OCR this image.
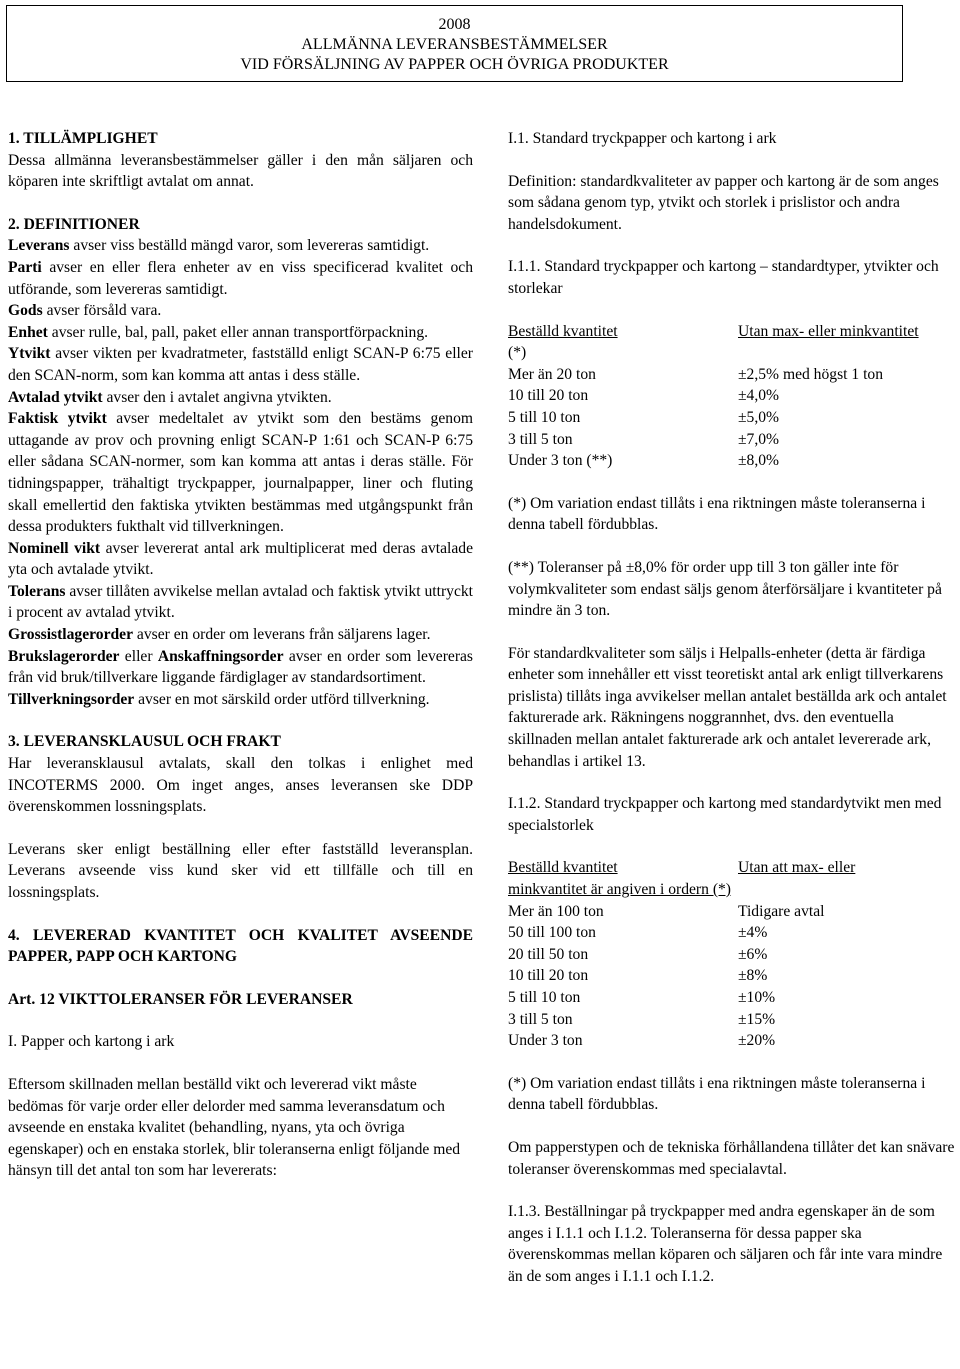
2008
ALLMÄNNA LEVERANSBESTÄMMELSER
VID FÖRSÄLJNING AV PAPPER OCH ÖVRIGA PRODUKTER

1. TILLÄMPLIGHET

Dessa allmänna leveransbestämmelser gäller i den mån säljaren och köparen inte skriftligt avtalat om annat.

2. DEFINITIONER

Leverans avser viss beställd mängd varor, som levereras samtidigt.

Parti avser en eller flera enheter av en viss specificerad kvalitet och utförande, som levereras samtidigt.

Gods avser försåld vara.

Enhet avser rulle, bal, pall, paket eller annan transportförpackning.

Ytvikt avser vikten per kvadratmeter, fastställd enligt SCAN-P 6:75 eller den SCAN-norm, som kan komma att antas i dess ställe.

Avtalad ytvikt avser den i avtalet angivna ytvikten.

Faktisk ytvikt avser medeltalet av ytvikt som den bestäms genom uttagande av prov och provning enligt SCAN-P 1:61 och SCAN-P 6:75 eller sådana SCAN-normer, som kan komma att antas i deras ställe. För tidningspapper, trähaltigt tryckpapper, journalpapper, liner och fluting skall emellertid den faktiska ytvikten bestämmas med utgångspunkt från dessa produkters fukthalt vid tillverkningen.

Nominell vikt avser levererat antal ark multiplicerat med deras avtalade yta och avtalade ytvikt.

Tolerans avser tillåten avvikelse mellan avtalad och faktisk ytvikt uttryckt i procent av avtalad ytvikt.

Grossistlagerorder avser en order om leverans från säljarens lager.

Brukslagerorder eller Anskaffningsorder avser en order som levereras från vid bruk/tillverkare liggande färdiglager av standardsortiment.

Tillverkningsorder avser en mot särskild order utförd tillverkning.

3. LEVERANSKLAUSUL OCH FRAKT

Har leveransklausul avtalats, skall den tolkas i enlighet med INCOTERMS 2000. Om inget anges, anses leveransen ske DDP överenskommen lossningsplats.

Leverans sker enligt beställning eller efter fastställd leveransplan. Leverans avseende viss kund sker vid ett tillfälle och till en lossningsplats.

4. LEVERERAD KVANTITET OCH KVALITET AVSEENDE PAPPER, PAPP OCH KARTONG

Art. 12 VIKTTOLERANSER FÖR LEVERANSER

I. Papper och kartong i ark

Eftersom skillnaden mellan beställd vikt och levererad vikt måste bedömas för varje order eller delorder med samma leveransdatum och avseende en enstaka kvalitet (behandling, nyans, yta och övriga egenskaper) och en enstaka storlek, blir toleranserna enligt följande med hänsyn till det antal ton som har levererats:

I.1. Standard tryckpapper och kartong i ark

Definition: standardkvaliteter av papper och kartong är de som anges som sådana genom typ, ytvikt och storlek i prislistor och andra handelsdokument.

I.1.1. Standard tryckpapper och kartong – standardtyper, ytvikter och storlekar

Beställd kvantitet
(*)	Utan max- eller minkvantitet
Mer än 20 ton	±2,5% med högst 1 ton
10 till 20 ton	±4,0%
5 till 10 ton	±5,0%
3 till 5 ton	±7,0%
Under 3 ton (**)	±8,0%

(*) Om variation endast tillåts i ena riktningen måste toleranserna i denna tabell fördubblas.

(**) Toleranser på ±8,0% för order upp till 3 ton gäller inte för volymkvaliteter som endast säljs genom återförsäljare i kvantiteter på mindre än 3 ton.

För standardkvaliteter som säljs i Helpalls-enheter (detta är färdiga enheter som innehåller ett visst teoretiskt antal ark enligt tillverkarens prislista) tillåts inga avvikelser mellan antalet beställda ark och antalet fakturerade ark. Räkningens noggrannhet, dvs. den eventuella skillnaden mellan antalet fakturerade ark och antalet levererade ark, behandlas i artikel 13.

I.1.2. Standard tryckpapper och kartong med standardytvikt men med specialstorlek

Beställd kvantitet	Utan att max- eller
minkvantitet är angiven i ordern (*)	
Mer än 100 ton	Tidigare avtal
50 till 100 ton	±4%
20 till 50 ton	±6%
10 till 20 ton	±8%
5 till 10 ton	±10%
3 till 5 ton	±15%
Under 3 ton	±20%

(*) Om variation endast tillåts i ena riktningen måste toleranserna i denna tabell fördubblas.

Om papperstypen och de tekniska förhållandena tillåter det kan snävare toleranser överenskommas med specialavtal.

I.1.3. Beställningar på tryckpapper med andra egenskaper än de som anges i I.1.1 och I.1.2. Toleranserna för dessa papper ska överenskommas mellan köparen och säljaren och får inte vara mindre än de som anges i I.1.1 och I.1.2.
